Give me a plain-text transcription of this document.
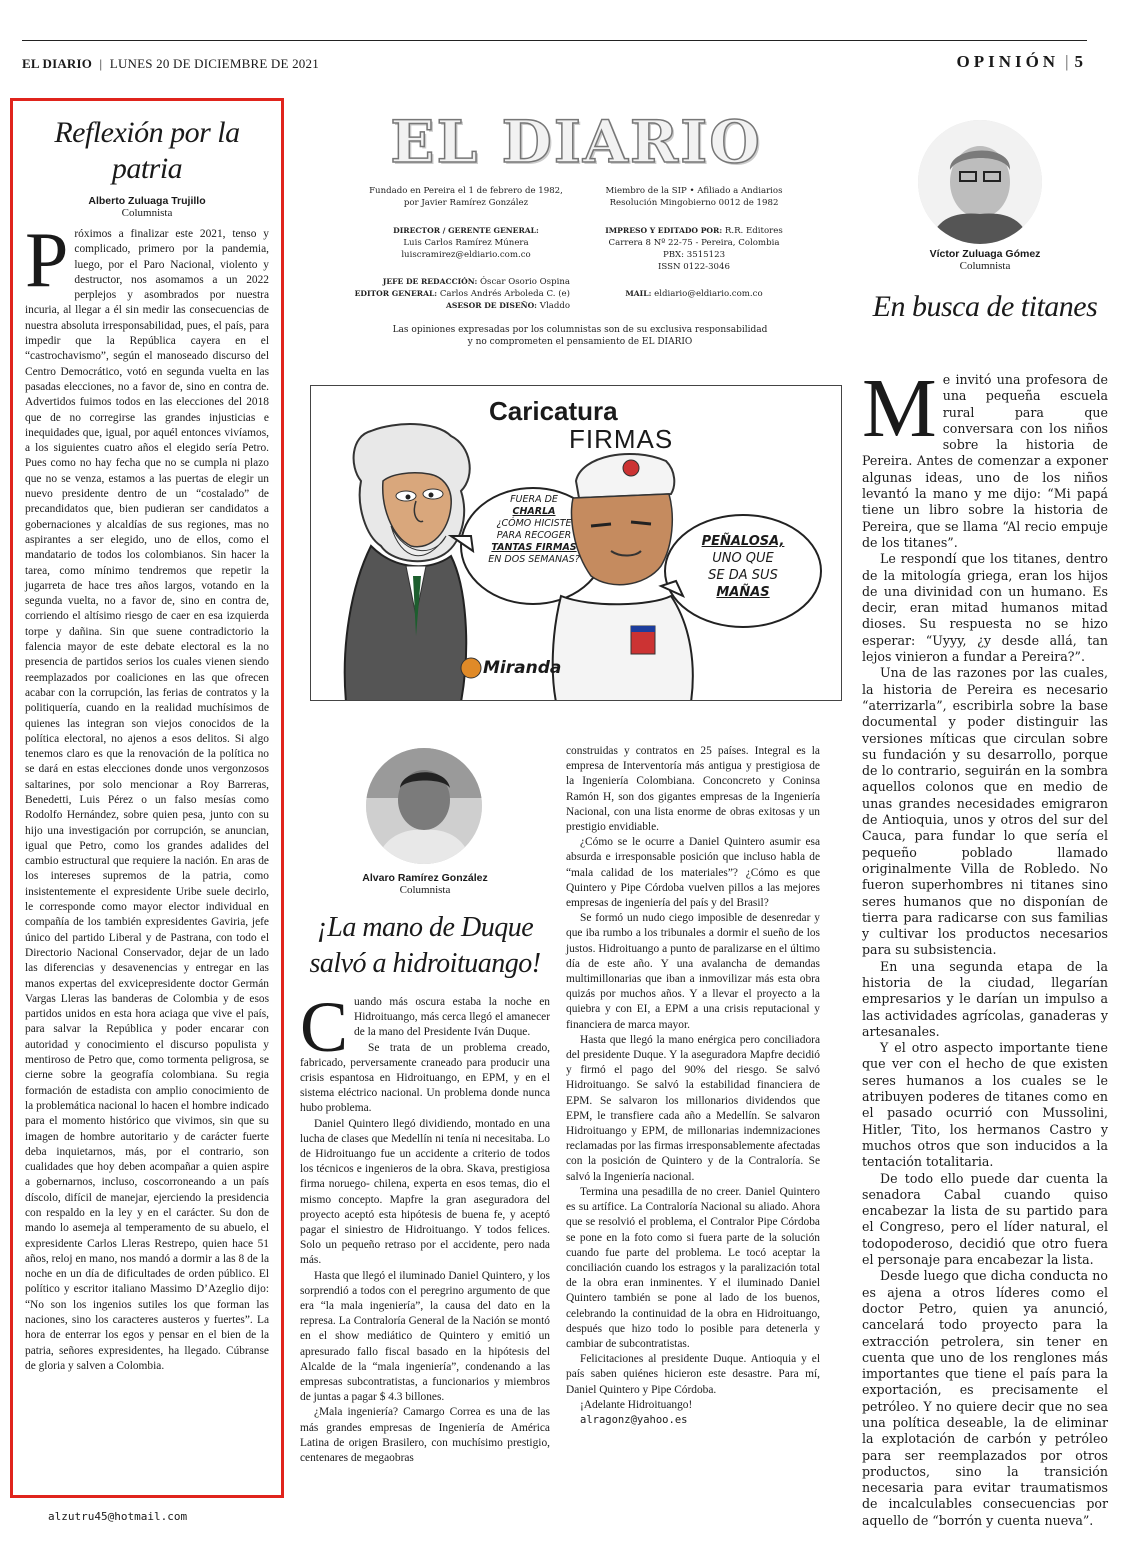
EL DIARIO | LUNES 20 DE DICIEMBRE DE 2021	OPINIÓN | 5
Reflexión por la patria
Alberto Zuluaga Trujillo
Columnista

Próximos a finalizar este 2021, tenso y complicado, primero por la pandemia, luego, por el Paro Nacional, violento y destructor, nos asomamos a un 2022 perplejos y asombrados por nuestra incuria, al llegar a él sin medir las consecuencias de nuestra absoluta irresponsabilidad, pues, el país, para impedir que la República cayera en el “castrochavismo”, según el manoseado discurso del Centro Democrático, votó en segunda vuelta en las pasadas elecciones, no a favor de, sino en contra de. Advertidos fuimos todos en las elecciones del 2018 que de no corregirse las grandes injusticias e inequidades que, igual, por aquél entonces vivíamos, a los siguientes cuatro años el elegido sería Petro. Pues como no hay fecha que no se cumpla ni plazo que no se venza, estamos a las puertas de elegir un nuevo presidente dentro de un “costalado” de precandidatos que, bien pudieran ser candidatos a gobernaciones y alcaldías de sus regiones, mas no aspirantes a ser elegido, uno de ellos, como el mandatario de todos los colombianos. Sin hacer la tarea, como mínimo tendremos que repetir la jugarreta de hace tres años largos, votando en la segunda vuelta, no a favor de, sino en contra de, corriendo el altísimo riesgo de caer en esa izquierda torpe y dañina. Sin que suene contradictorio la falencia mayor de este debate electoral es la no presencia de partidos serios los cuales vienen siendo reemplazados por coaliciones en las que ofrecen acabar con la corrupción, las ferias de contratos y la politiquería, cuando en la realidad muchísimos de quienes las integran son viejos conocidos de la política electoral, no ajenos a esos delitos. Si algo tenemos claro es que la renovación de la política no se dará en estas elecciones donde unos vergonzosos saltarines, por solo mencionar a Roy Barreras, Benedetti, Luis Pérez o un falso mesías como Rodolfo Hernández, sobre quien pesa, junto con su hijo una investigación por corrupción, se anuncian, igual que Petro, como los grandes adalides del cambio estructural que requiere la nación. En aras de los intereses supremos de la patria, como insistentemente el expresidente Uribe suele decirlo, le corresponde como mayor elector individual en compañía de los también expresidentes Gaviria, jefe único del partido Liberal y de Pastrana, con todo el Directorio Nacional Conservador, dejar de un lado las diferencias y desavenencias y entregar en las manos expertas del exvicepresidente doctor Germán Vargas Lleras las banderas de Colombia y de esos partidos unidos en esta hora aciaga que vive el país, para salvar la República y poder encarar con autoridad y conocimiento el discurso populista y mentiroso de Petro que, como tormenta peligrosa, se cierne sobre la geografía colombiana. Su regia formación de estadista con amplio conocimiento de la problemática nacional lo hacen el hombre indicado para el momento histórico que vivimos, sin que su imagen de hombre autoritario y de carácter fuerte deba inquietarnos, más, por el contrario, son cualidades que hoy deben acompañar a quien aspire a gobernarnos, incluso, coscorroneando a un país díscolo, difícil de manejar, ejerciendo la presidencia con respaldo en la ley y en el carácter. Su don de mando lo asemeja al temperamento de su abuelo, el expresidente Carlos Lleras Restrepo, quien hace 51 años, reloj en mano, nos mandó a dormir a las 8 de la noche en un día de dificultades de orden público. El político y escritor italiano Massimo D’Azeglio dijo: “No son los ingenios sutiles los que forman las naciones, sino los caracteres austeros y fuertes”. La hora de enterrar los egos y pensar en el bien de la patria, señores expresidentes, ha llegado. Cúbranse de gloria y salven a Colombia.

alzutru45@hotmail.com
EL DIARIO
Fundado en Pereira el 1 de febrero de 1982,
por Javier Ramírez González
Miembro de la SIP • Afiliado a Andiarios
Resolución Mingobierno 0012 de 1982
DIRECTOR / GERENTE GENERAL:
Luis Carlos Ramírez Múnera
luiscramirez@eldiario.com.co
IMPRESO Y EDITADO POR: R.R. Editores
Carrera 8 Nº 22-75 - Pereira, Colombia
PBX: 3515123
ISSN 0122-3046
JEFE DE REDACCIÓN: Óscar Osorio Ospina
EDITOR GENERAL: Carlos Andrés Arboleda C. (e)
ASESOR DE DISEÑO: Vladdo
MAIL: eldiario@eldiario.com.co
Las opiniones expresadas por los columnistas son de su exclusiva responsabilidad
y no comprometen el pensamiento de EL DIARIO
Caricatura
FIRMAS
FUERA DE
CHARLA
¿CÓMO HICISTE
PARA RECOGER
TANTAS FIRMAS
EN DOS SEMANAS?
PEÑALOSA,
UNO QUE
SE DA SUS
MAÑAS
Miranda
Alvaro Ramírez González
Columnista
¡La mano de Duque salvó a hidroituango!

Cuando más oscura estaba la noche en Hidroituango, más cerca llegó el amanecer de la mano del Presidente Iván Duque.

Se trata de un problema creado, fabricado, perversamente craneado para producir una crisis espantosa en Hidroituango, en EPM, y en el sistema eléctrico nacional. Un problema donde nunca hubo problema.

Daniel Quintero llegó dividiendo, montado en una lucha de clases que Medellín ni tenía ni necesitaba. Lo de Hidroituango fue un accidente a criterio de todos los técnicos e ingenieros de la obra. Skava, prestigiosa firma noruego- chilena, experta en esos temas, dio el mismo concepto. Mapfre la gran aseguradora del proyecto aceptó esta hipótesis de buena fe, y aceptó pagar el siniestro de Hidroituango. Y todos felices. Solo un pequeño retraso por el accidente, pero nada más.

Hasta que llegó el iluminado Daniel Quintero, y los sorprendió a todos con el peregrino argumento de que era “la mala ingeniería”, la causa del dato en la represa. La Contraloría General de la Nación se montó en el show mediático de Quintero y emitió un apresurado fallo fiscal basado en la hipótesis del Alcalde de la “mala ingeniería”, condenando a las empresas subcontratistas, a funcionarios y miembros de juntas a pagar $ 4.3 billones.

¿Mala ingeniería? Camargo Correa es una de las más grandes empresas de Ingeniería de América Latina de origen Brasilero, con muchísimo prestigio, centenares de megaobras

construidas y contratos en 25 países. Integral es la empresa de Interventoría más antigua y prestigiosa de la Ingeniería Colombiana. Conconcreto y Coninsa Ramón H, son dos gigantes empresas de la Ingeniería Nacional, con una lista enorme de obras exitosas y un prestigio envidiable.

¿Cómo se le ocurre a Daniel Quintero asumir esa absurda e irresponsable posición que incluso habla de “mala calidad de los materiales”? ¿Cómo es que Quintero y Pipe Córdoba vuelven pillos a las mejores empresas de ingeniería del país y del Brasil?

Se formó un nudo ciego imposible de desenredar y que iba rumbo a los tribunales a dormir el sueño de los justos. Hidroituango a punto de paralizarse en el último día de este año. Y una avalancha de demandas multimillonarias que iban a inmovilizar más esta obra quizás por muchos años. Y a llevar el proyecto a la quiebra y con EI, a EPM a una crisis reputacional y financiera de marca mayor.

Hasta que llegó la mano enérgica pero conciliadora del presidente Duque. Y la aseguradora Mapfre decidió y firmó el pago del 90% del riesgo. Se salvó Hidroituango. Se salvó la estabilidad financiera de EPM. Se salvaron los millonarios dividendos que EPM, le transfiere cada año a Medellín. Se salvaron Hidroituango y EPM, de millonarias indemnizaciones reclamadas por las firmas irresponsablemente afectadas con la posición de Quintero y de la Contraloría. Se salvó la Ingeniería nacional.

Termina una pesadilla de no creer. Daniel Quintero es su artífice. La Contraloría Nacional su aliado. Ahora que se resolvió el problema, el Contralor Pipe Córdoba se pone en la foto como si fuera parte de la solución cuando fue parte del problema. Le tocó aceptar la conciliación cuando los estragos y la paralización total de la obra eran inminentes. Y el iluminado Daniel Quintero también se pone al lado de los buenos, celebrando la continuidad de la obra en Hidroituango, después que hizo todo lo posible para detenerla y cambiar de subcontratistas.

Felicitaciones al presidente Duque. Antioquia y el país saben quiénes hicieron este desastre. Para mí, Daniel Quintero y Pipe Córdoba.

¡Adelante Hidroituango!

alragonz@yahoo.es

Víctor Zuluaga Gómez
Columnista
En busca de titanes

Me invitó una profesora de una pequeña escuela rural para que conversara con los niños sobre la historia de Pereira. Antes de comenzar a exponer algunas ideas, uno de los niños levantó la mano y me dijo: “Mi papá tiene un libro sobre la historia de Pereira, que se llama “Al recio empuje de los titanes”.

Le respondí que los titanes, dentro de la mitología griega, eran los hijos de una divinidad con un humano. Es decir, eran mitad humanos mitad dioses. Su respuesta no se hizo esperar: “Uyyy, ¿y desde allá, tan lejos vinieron a fundar a Pereira?”.

Una de las razones por las cuales, la historia de Pereira es necesario “aterrizarla”, escribirla sobre la base documental y poder distinguir las versiones míticas que circulan sobre su fundación y su desarrollo, porque de lo contrario, seguirán en la sombra aquellos colonos que en medio de unas grandes necesidades emigraron de Antioquia, unos y otros del sur del Cauca, para fundar lo que sería el pequeño poblado llamado originalmente Villa de Robledo. No fueron superhombres ni titanes sino seres humanos que no disponían de tierra para radicarse con sus familias y cultivar los productos necesarios para su subsistencia.

En una segunda etapa de la historia de la ciudad, llegarían empresarios y le darían un impulso a las actividades agrícolas, ganaderas y artesanales.

Y el otro aspecto importante tiene que ver con el hecho de que existen seres humanos a los cuales se le atribuyen poderes de titanes como en el pasado ocurrió con Mussolini, Hitler, Tito, los hermanos Castro y muchos otros que son inducidos a la tentación totalitaria.

De todo ello puede dar cuenta la senadora Cabal cuando quiso encabezar la lista de su partido para el Congreso, pero el líder natural, el todopoderoso, decidió que otro fuera el personaje para encabezar la lista.

Desde luego que dicha conducta no es ajena a otros líderes como el doctor Petro, quien ya anunció, cancelará todo proyecto para la extracción petrolera, sin tener en cuenta que uno de los renglones más importantes que tiene el país para la exportación, es precisamente el petróleo. Y no quiere decir que no sea una política deseable, la de eliminar la explotación de carbón y petróleo para ser reemplazados por otros productos, sino la transición necesaria para evitar traumatismos de incalculables consecuencias por aquello de “borrón y cuenta nueva”.
